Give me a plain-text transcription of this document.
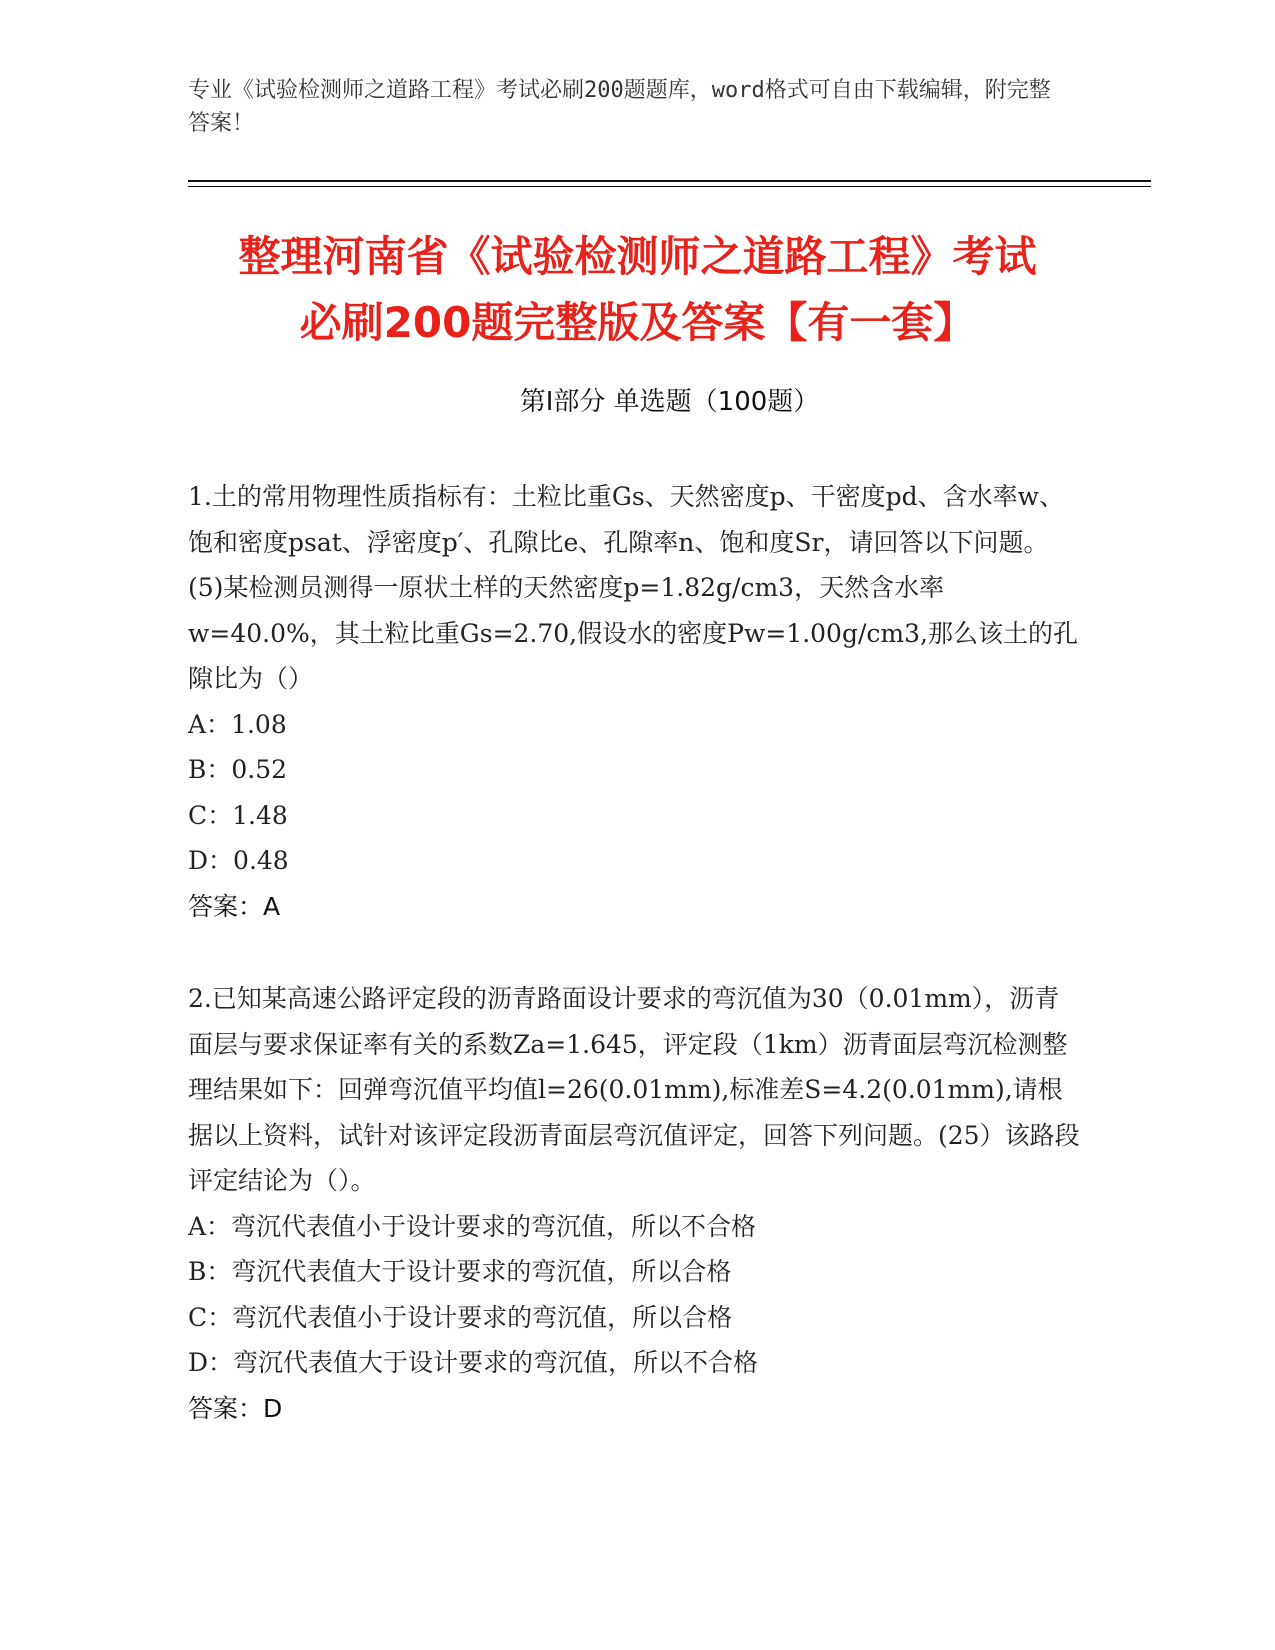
专业《试验检测师之道路工程》考试必刷200题题库，word格式可自由下载编辑，附完整答案！
整理河南省《试验检测师之道路工程》考试
必刷200题完整版及答案【有一套】
第Ⅰ部分 单选题（100题）
1.土的常用物理性质指标有：土粒比重Gs、天然密度p、干密度pd、含水率w、饱和密度psat、浮密度p′、孔隙比e、孔隙率n、饱和度Sr，请回答以下问题。(5)某检测员测得一原状土样的天然密度p=1.82g/cm3，天然含水率w=40.0%，其土粒比重Gs=2.70,假设水的密度Pw=1.00g/cm3,那么该土的孔隙比为（）
A：1.08
B：0.52
C：1.48
D：0.48
答案：A
2.已知某高速公路评定段的沥青路面设计要求的弯沉值为30（0.01mm），沥青面层与要求保证率有关的系数Za=1.645，评定段（1km）沥青面层弯沉检测整理结果如下：回弹弯沉值平均值l=26(0.01mm),标准差S=4.2(0.01mm),请根据以上资料，试针对该评定段沥青面层弯沉值评定，回答下列问题。(25）该路段评定结论为（）。
A：弯沉代表值小于设计要求的弯沉值，所以不合格
B：弯沉代表值大于设计要求的弯沉值，所以合格
C：弯沉代表值小于设计要求的弯沉值，所以合格
D：弯沉代表值大于设计要求的弯沉值，所以不合格
答案：D
